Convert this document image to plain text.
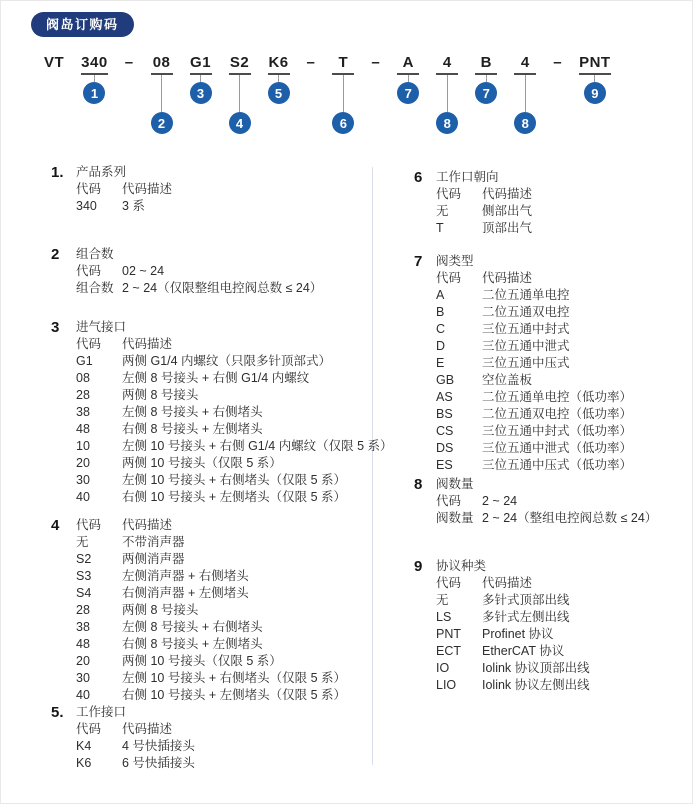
阀岛订购码
VT 340
1
– 08
2
G1
3
S2
4
K6
5
– T
6
– A
7
4
8
B
7
4
8
– PNT
9
1. 产品系列
代码	代码描述
340	3 系
2	组合数
代码	02 ~ 24
组合数 2 ~ 24（仅限整组电控阀总数 ≤ 24）
3	进气接口
代码	代码描述
G1	两侧 G1/4 内螺纹（只限多针顶部式）
08	左侧 8 号接头 + 右侧 G1/4 内螺纹
28	两侧 8 号接头
38	左侧 8 号接头 + 右侧堵头
48	右侧 8 号接头 + 左侧堵头
10	左侧 10 号接头 + 右侧 G1/4 内螺纹（仅限 5 系）
20	两侧 10 号接头（仅限 5 系）
30	左侧 10 号接头 + 右侧堵头（仅限 5 系）
40	右侧 10 号接头 + 左侧堵头（仅限 5 系）
4	代码	代码描述
无	不带消声器
S2	两侧消声器
S3	左侧消声器 + 右侧堵头
S4	右侧消声器 + 左侧堵头
28	两侧 8 号接头
38	左侧 8 号接头 + 右侧堵头
48	右侧 8 号接头 + 左侧堵头
20	两侧 10 号接头（仅限 5 系）
30	左侧 10 号接头 + 右侧堵头（仅限 5 系）
40	右侧 10 号接头 + 左侧堵头（仅限 5 系）
5. 工作接口
代码	代码描述
K4	4 号快插接头
K6	6 号快插接头
6	工作口朝向
代码	代码描述
无	侧部出气
T	顶部出气
7	阀类型
代码	代码描述
A	二位五通单电控
B	二位五通双电控
C	三位五通中封式
D	三位五通中泄式
E	三位五通中压式
GB	空位盖板
AS	二位五通单电控（低功率）
BS	二位五通双电控（低功率）
CS	三位五通中封式（低功率）
DS	三位五通中泄式（低功率）
ES	三位五通中压式（低功率）
8	阀数量
代码	2 ~ 24
阀数量 2 ~ 24（整组电控阀总数 ≤ 24）
9	协议种类
代码	代码描述
无	多针式顶部出线
LS	多针式左侧出线
PNT	Profinet 协议
ECT	EtherCAT 协议
IO	Iolink 协议顶部出线
LIO	Iolink 协议左侧出线
